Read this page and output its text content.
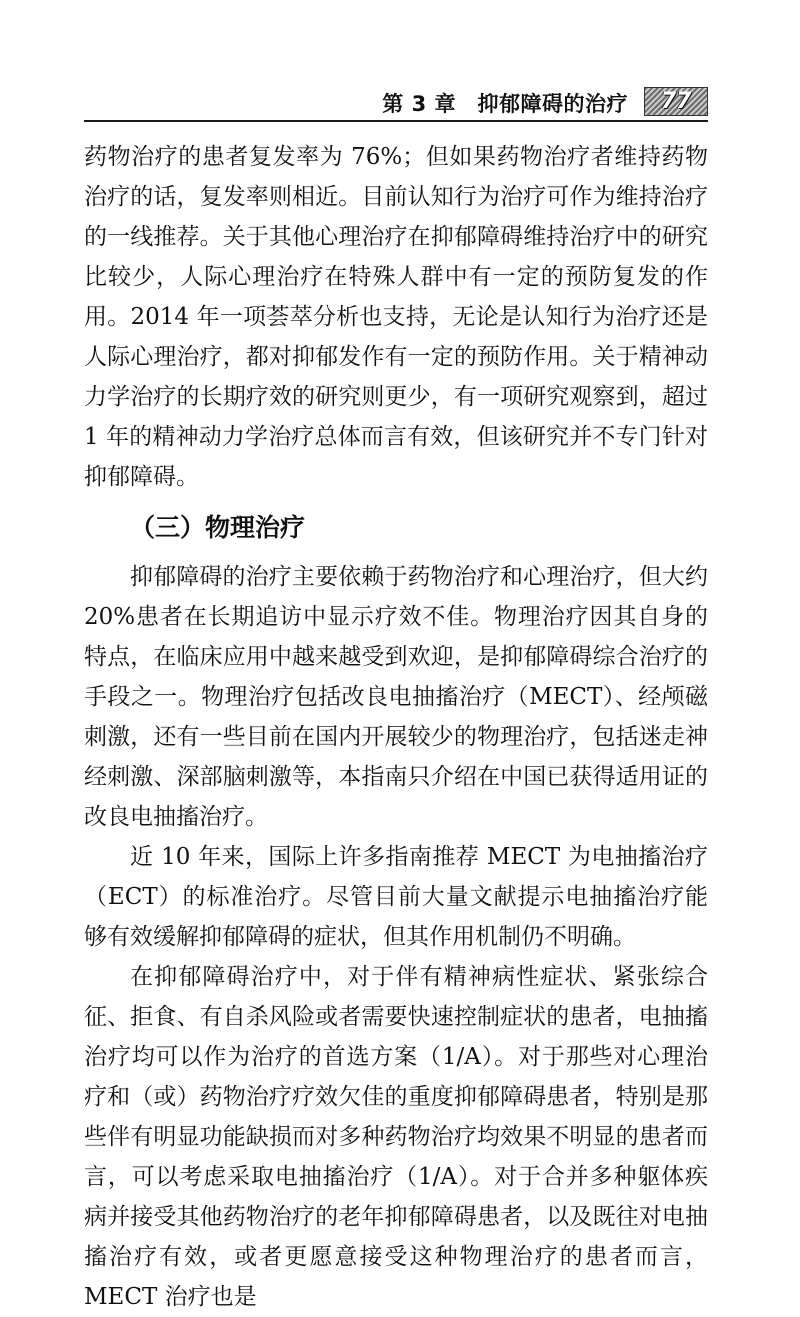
第 3 章　抑郁障碍的治疗	77

药物治疗的患者复发率为 76%；但如果药物治疗者维持药物治疗的话，复发率则相近。目前认知行为治疗可作为维持治疗的一线推荐。关于其他心理治疗在抑郁障碍维持治疗中的研究比较少，人际心理治疗在特殊人群中有一定的预防复发的作用。2014 年一项荟萃分析也支持，无论是认知行为治疗还是人际心理治疗，都对抑郁发作有一定的预防作用。关于精神动力学治疗的长期疗效的研究则更少，有一项研究观察到，超过 1 年的精神动力学治疗总体而言有效，但该研究并不专门针对抑郁障碍。

（三）物理治疗

抑郁障碍的治疗主要依赖于药物治疗和心理治疗，但大约 20%患者在长期追访中显示疗效不佳。物理治疗因其自身的特点，在临床应用中越来越受到欢迎，是抑郁障碍综合治疗的手段之一。物理治疗包括改良电抽搐治疗（MECT）、经颅磁刺激，还有一些目前在国内开展较少的物理治疗，包括迷走神经刺激、深部脑刺激等，本指南只介绍在中国已获得适用证的改良电抽搐治疗。

近 10 年来，国际上许多指南推荐 MECT 为电抽搐治疗（ECT）的标准治疗。尽管目前大量文献提示电抽搐治疗能够有效缓解抑郁障碍的症状，但其作用机制仍不明确。

在抑郁障碍治疗中，对于伴有精神病性症状、紧张综合征、拒食、有自杀风险或者需要快速控制症状的患者，电抽搐治疗均可以作为治疗的首选方案（1/A）。对于那些对心理治疗和（或）药物治疗疗效欠佳的重度抑郁障碍患者，特别是那些伴有明显功能缺损而对多种药物治疗均效果不明显的患者而言，可以考虑采取电抽搐治疗（1/A）。对于合并多种躯体疾病并接受其他药物治疗的老年抑郁障碍患者，以及既往对电抽搐治疗有效，或者更愿意接受这种物理治疗的患者而言，MECT 治疗也是
